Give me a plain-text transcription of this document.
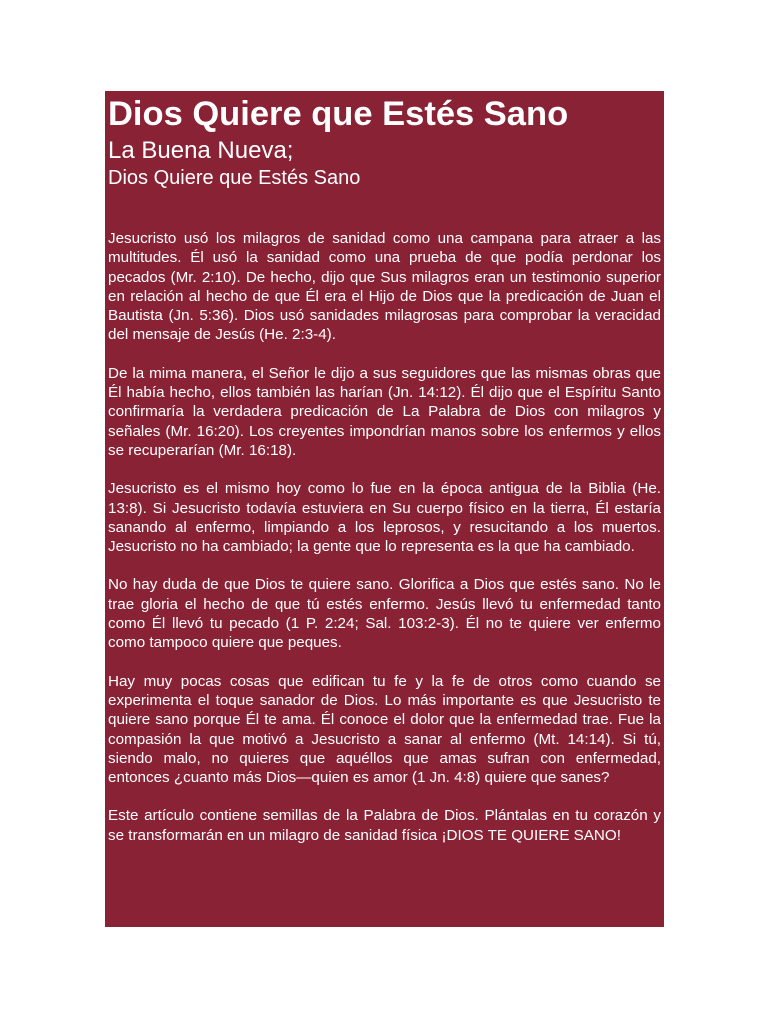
Dios Quiere que Estés Sano
La Buena Nueva;
Dios Quiere que Estés Sano

Jesucristo usó los milagros de sanidad como una campana para atraer a las multitudes. Él usó la sanidad como una prueba de que podía perdonar los pecados (Mr. 2:10). De hecho, dijo que Sus milagros eran un testimonio superior en relación al hecho de que Él era el Hijo de Dios que la predicación de Juan el Bautista (Jn. 5:36). Dios usó sanidades milagrosas para comprobar la veracidad del mensaje de Jesús (He. 2:3-4).

De la mima manera, el Señor le dijo a sus seguidores que las mismas obras que Él había hecho, ellos también las harían (Jn. 14:12). Él dijo que el Espíritu Santo confirmaría la verdadera predicación de La Palabra de Dios con milagros y señales (Mr. 16:20). Los creyentes impondrían manos sobre los enfermos y ellos se recuperarían (Mr. 16:18).

Jesucristo es el mismo hoy como lo fue en la época antigua de la Biblia (He. 13:8). Si Jesucristo todavía estuviera en Su cuerpo físico en la tierra, Él estaría sanando al enfermo, limpiando a los leprosos, y resucitando a los muertos. Jesucristo no ha cambiado; la gente que lo representa es la que ha cambiado.

No hay duda de que Dios te quiere sano. Glorifica a Dios que estés sano. No le trae gloria el hecho de que tú estés enfermo. Jesús llevó tu enfermedad tanto como Él llevó tu pecado (1 P. 2:24; Sal. 103:2-3). Él no te quiere ver enfermo como tampoco quiere que peques.

Hay muy pocas cosas que edifican tu fe y la fe de otros como cuando se experimenta el toque sanador de Dios. Lo más importante es que Jesucristo te quiere sano porque Él te ama. Él conoce el dolor que la enfermedad trae. Fue la compasión la que motivó a Jesucristo a sanar al enfermo (Mt. 14:14). Si tú, siendo malo, no quieres que aquéllos que amas sufran con enfermedad, entonces ¿cuanto más Dios—quien es amor (1 Jn. 4:8) quiere que sanes?

Este artículo contiene semillas de la Palabra de Dios. Plántalas en tu corazón y se transformarán en un milagro de sanidad física ¡DIOS TE QUIERE SANO!
